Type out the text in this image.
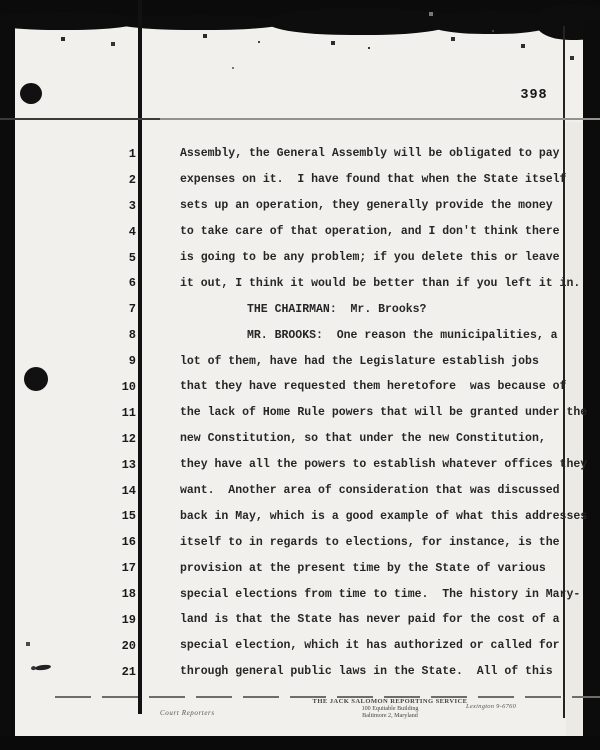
398
1	Assembly, the General Assembly will be obligated to pay
2	expenses on it.  I have found that when the State itself
3	sets up an operation, they generally provide the money
4	to take care of that operation, and I don't think there
5	is going to be any problem; if you delete this or leave
6	it out, I think it would be better than if you left it in.
7	THE CHAIRMAN:  Mr. Brooks?
8	MR. BROOKS:  One reason the municipalities, a
9	lot of them, have had the Legislature establish jobs
10	that they have requested them heretofore  was because of
11	the lack of Home Rule powers that will be granted under the
12	new Constitution, so that under the new Constitution,
13	they have all the powers to establish whatever offices they
14	want.  Another area of consideration that was discussed
15	back in May, which is a good example of what this addresses
16	itself to in regards to elections, for instance, is the
17	provision at the present time by the State of various
18	special elections from time to time.  The history in Mary-
19	land is that the State has never paid for the cost of a
20	special election, which it has authorized or called for
21	through general public laws in the State.  All of this
Court Reporters
THE JACK SALOMON REPORTING SERVICE
100 Equitable Building
Baltimore 2, Maryland
Lexington 9-6760
